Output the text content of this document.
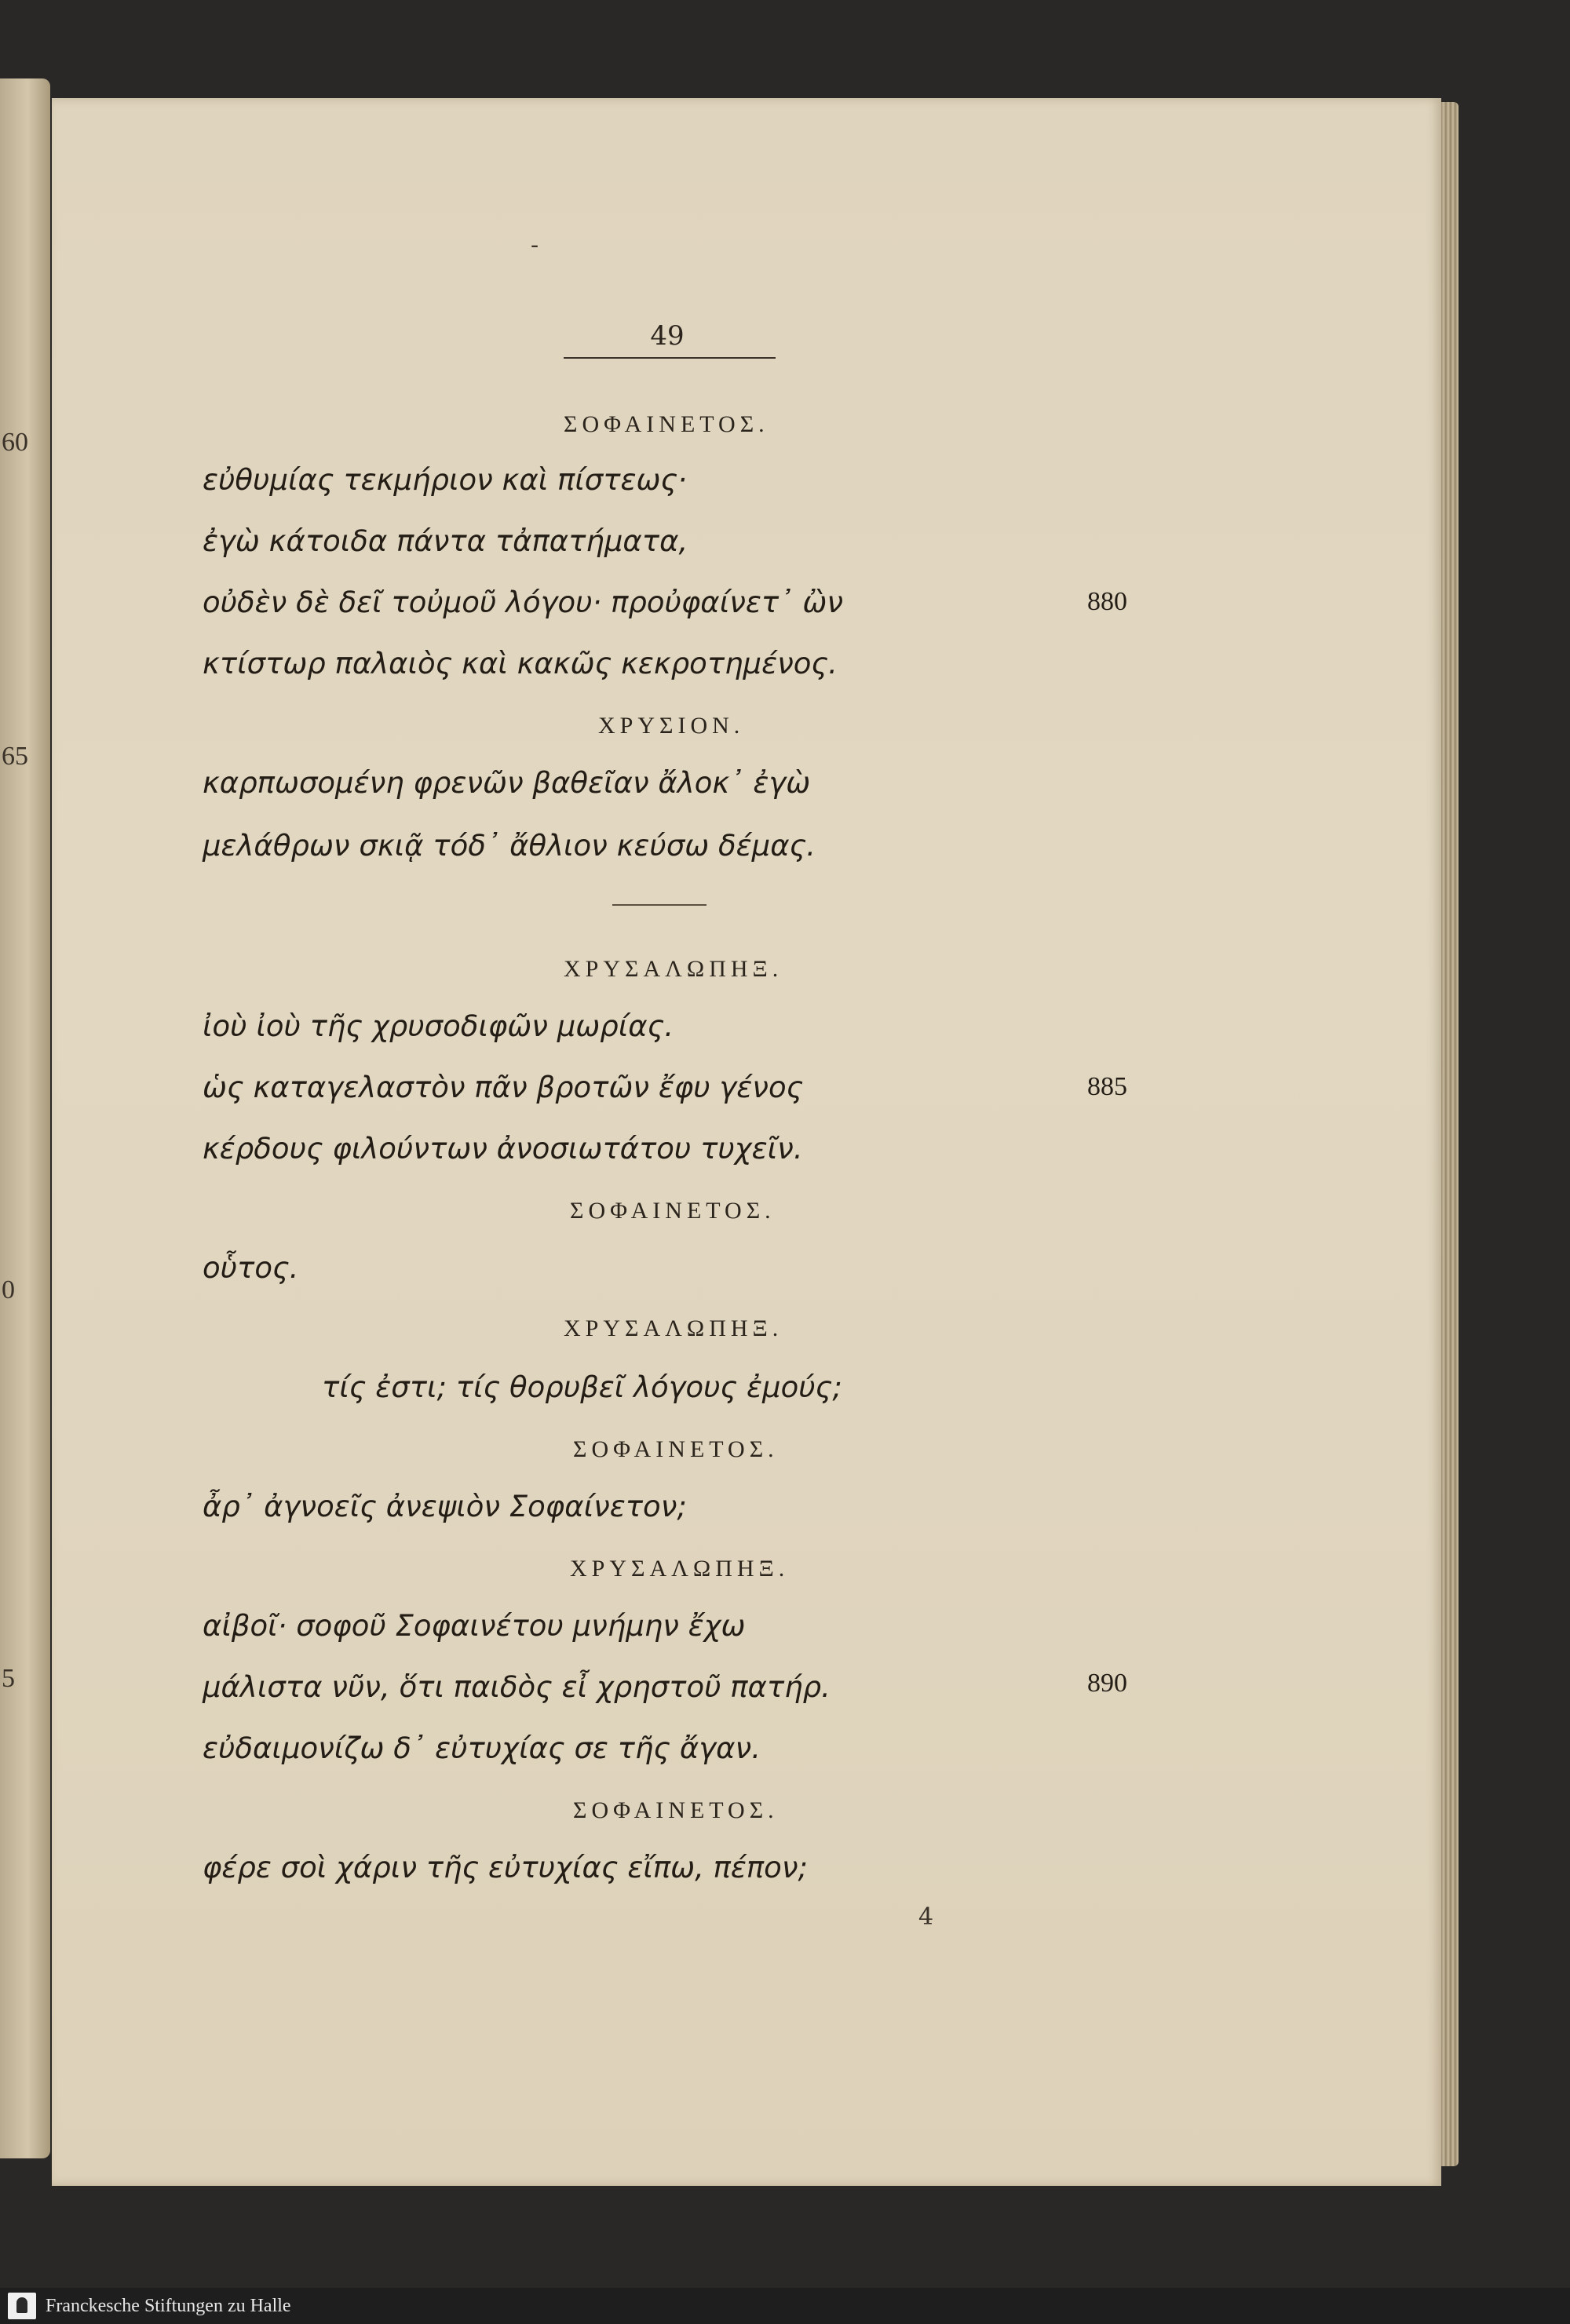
60
65
0
5
-
49
ΣΟΦΑΙΝΕΤΟΣ.
εὐθυμίας τεκμήριον καὶ πίστεως·
ἐγὼ κάτοιδα πάντα τἀπατήματα,
οὐδὲν δὲ δεῖ τοὐμοῦ λόγου· προὐφαίνετ᾽ ὢν	880
κτίστωρ παλαιὸς καὶ κακῶς κεκροτημένος.
ΧΡΥΣΙΟΝ.
καρπωσομένη φρενῶν βαθεῖαν ἄλοκ᾽ ἐγὼ
μελάθρων σκιᾷ τόδ᾽ ἄθλιον κεύσω δέμας.
ΧΡΥΣΑΛΩΠΗΞ.
ἰοὺ ἰοὺ τῆς χρυσοδιφῶν μωρίας.
ὡς καταγελαστὸν πᾶν βροτῶν ἔφυ γένος	885
κέρδους φιλούντων ἀνοσιωτάτου τυχεῖν.
ΣΟΦΑΙΝΕΤΟΣ.
οὗτος.
ΧΡΥΣΑΛΩΠΗΞ.
τίς ἐστι; τίς θορυβεῖ λόγους ἐμούς;
ΣΟΦΑΙΝΕΤΟΣ.
ἆρ᾽ ἀγνοεῖς ἀνεψιὸν Σοφαίνετον;
ΧΡΥΣΑΛΩΠΗΞ.
αἰβοῖ· σοφοῦ Σοφαινέτου μνήμην ἔχω
μάλιστα νῦν, ὅτι παιδὸς εἶ χρηστοῦ πατήρ.	890
εὐδαιμονίζω δ᾽ εὐτυχίας σε τῆς ἄγαν.
ΣΟΦΑΙΝΕΤΟΣ.
φέρε σοὶ χάριν τῆς εὐτυχίας εἴπω, πέπον;
4
Franckesche Stiftungen zu Halle
